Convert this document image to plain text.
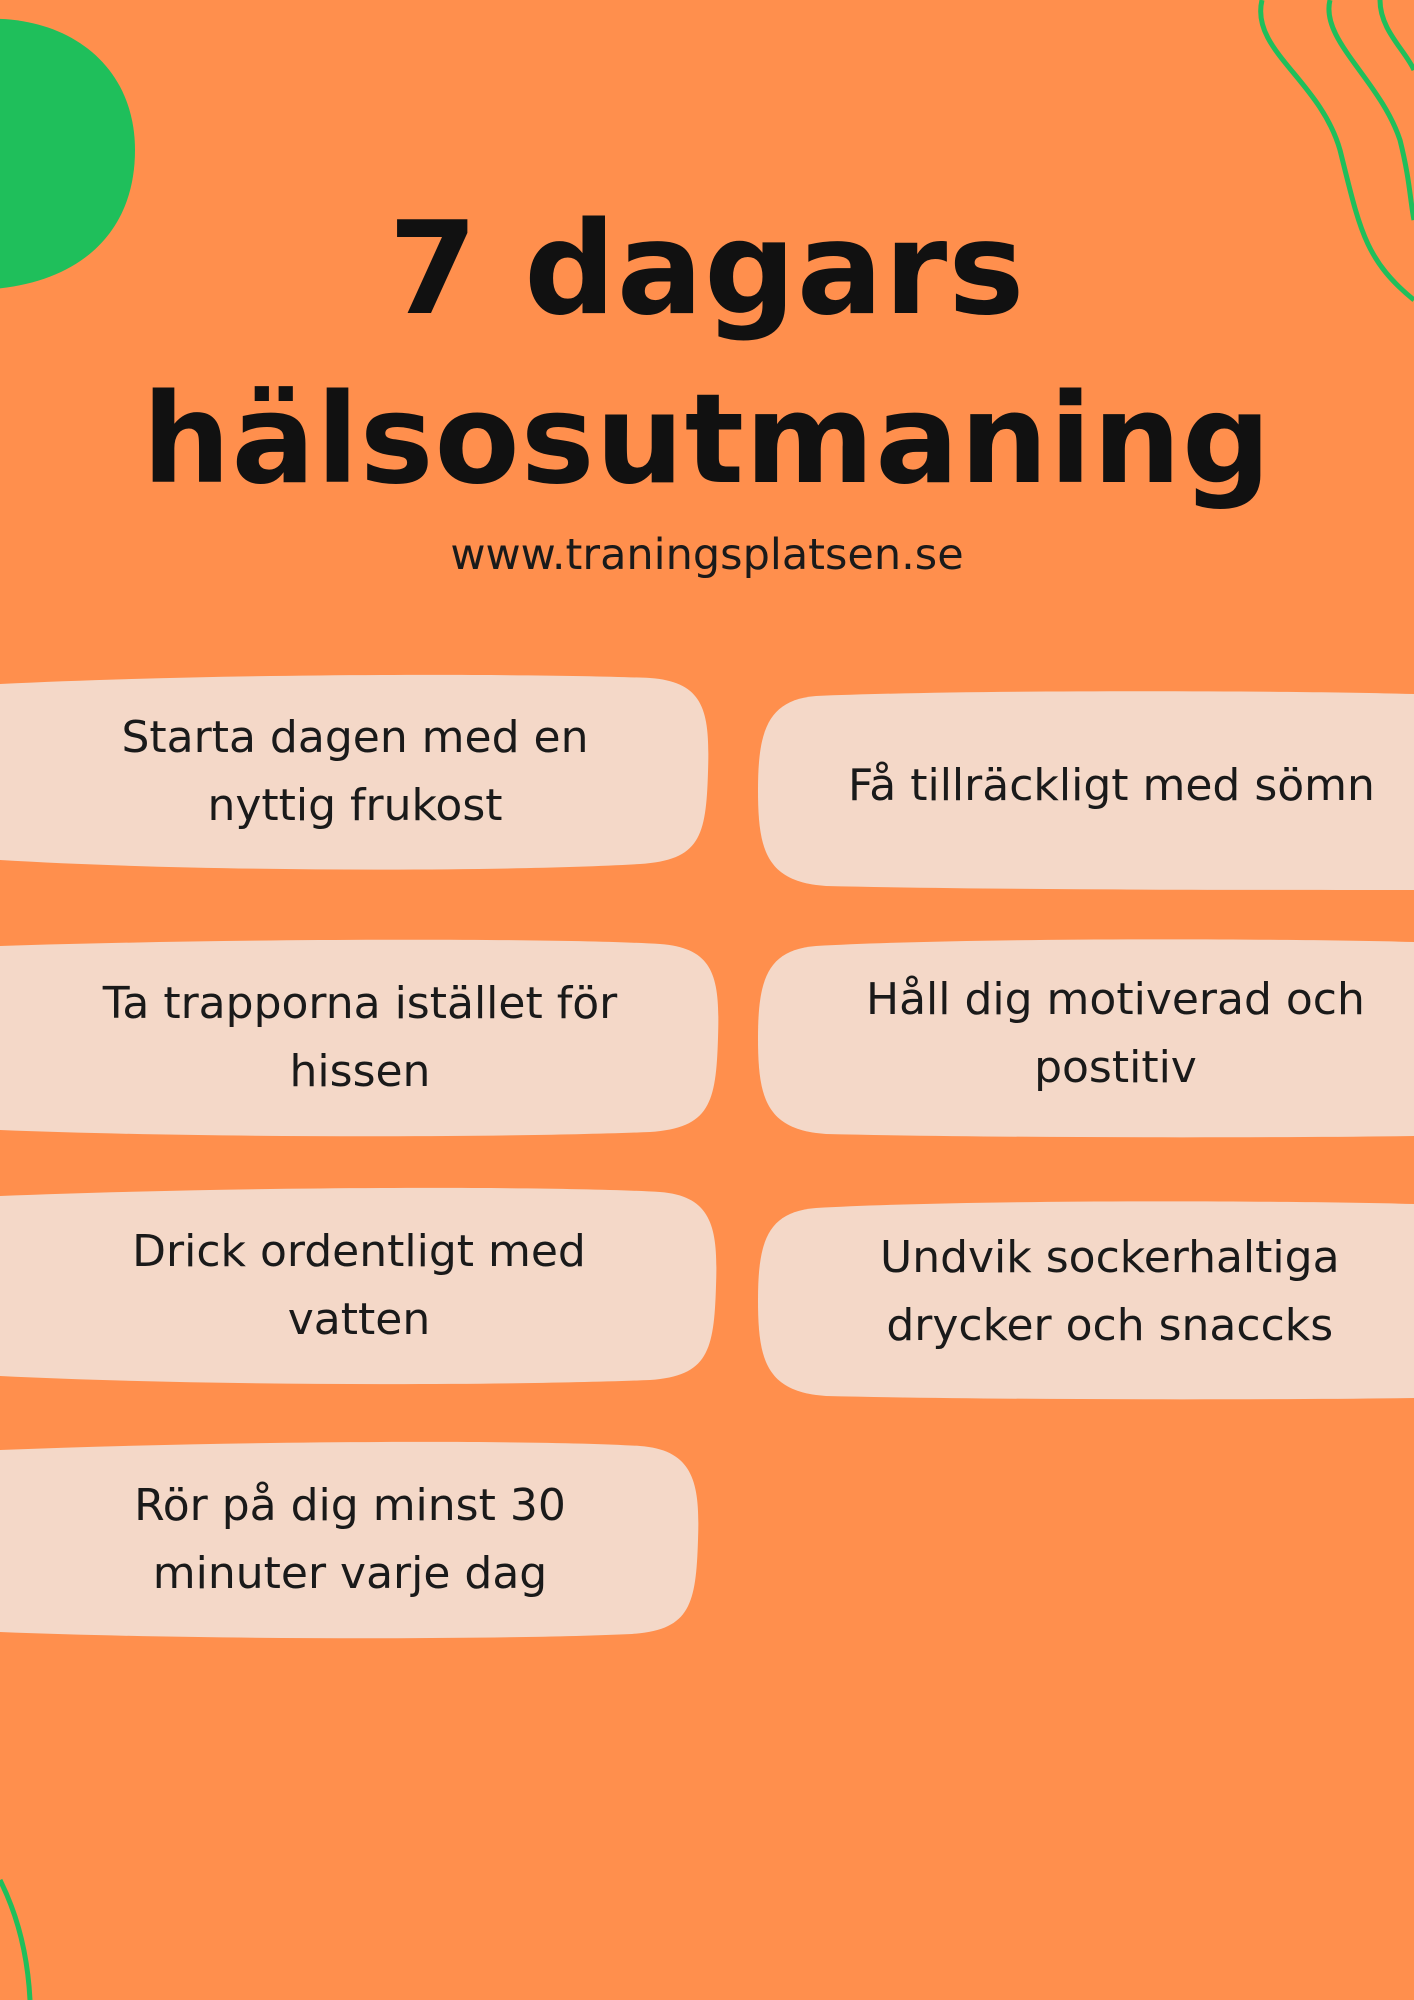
7 dagars
hälsosutmaning
www.traningsplatsen.se
Starta dagen med en
nyttig frukost
Ta trapporna istället för
hissen
Drick ordentligt med
vatten
Rör på dig minst 30
minuter varje dag
Få tillräckligt med sömn
Håll dig motiverad och
postitiv
Undvik sockerhaltiga
drycker och snaccks
